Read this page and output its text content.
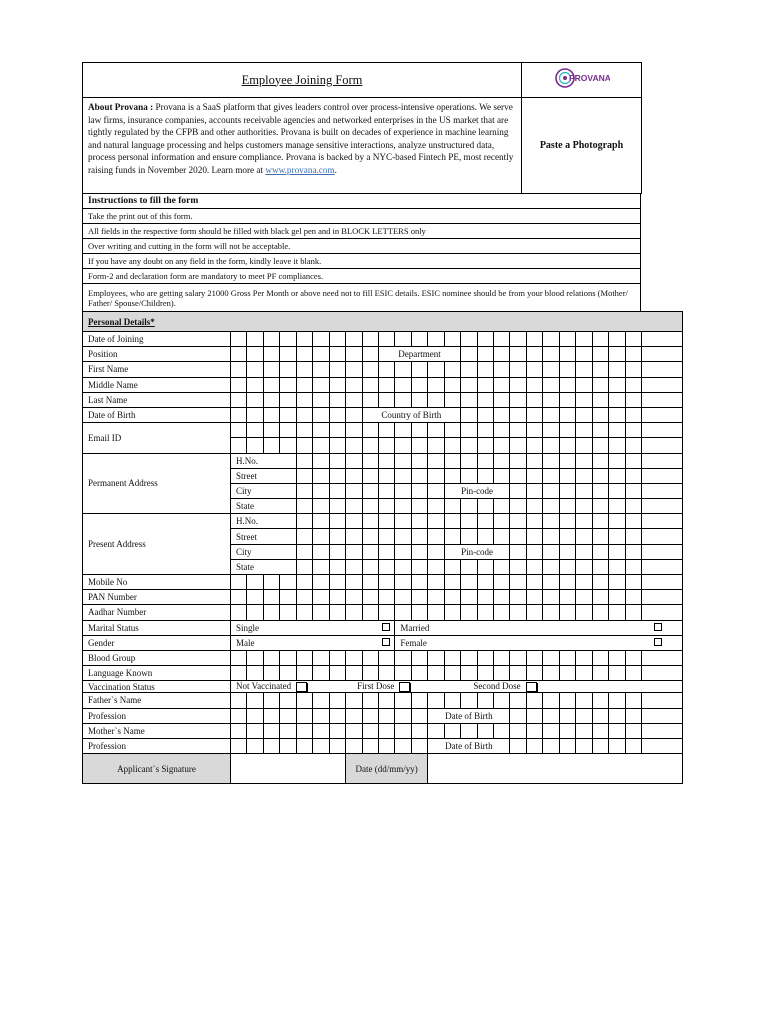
Employee Joining Form	PROVANA

About Provana : Provana is a SaaS platform that gives leaders control over process-intensive operations. We serve law firms, insurance companies, accounts receivable agencies and networked enterprises in the US market that are tightly regulated by the CFPB and other authorities. Provana is built on decades of experience in machine learning and natural language processing and helps customers manage sensitive interactions, analyze unstructured data, process personal information and ensure compliance. Provana is backed by a NYC-based Fintech PE, most recently raising funds in November 2020. Learn more at www.provana.com.	Paste a Photograph
Instructions to fill the form
Take the print out of this form.
All fields in the respective form should be filled with black gel pen and in BLOCK LETTERS only
Over writing and cutting in the form will not be acceptable.
If you have any doubt on any field in the form, kindly leave it blank.
Form-2 and declaration form are mandatory to meet PF compliances.
Employees, who are getting salary 21000 Gross Per Month or above need not to fill ESIC details. ESIC nominee should be from your blood relations (Mother/ Father/ Spouse/Children).
Personal Details*																										
Date of Joining																										
Position										Department																
First Name																										
Middle Name																										
Last Name																										
Date of Birth									Country of Birth																	
Email ID																										

Permanent Address	H.No.																									
	Street																									
	City													Pin-code												
	State																									
Present Address	H.No.																									
	Street																									
	City													Pin-code												
	State																									
Mobile No																										
PAN Number																										
Aadhar Number																										
Marital Status	Single										Married															

Gender	Male										Female															

Blood Group																										
Language Known																										
Vaccination Status	Not Vaccinated First Dose Second Dose																									
Father`s Name																										
Profession													Date of Birth													
Mother`s Name																										
Profession													Date of Birth													
Applicant`s Signature								Date (dd/mm/yy)																		
